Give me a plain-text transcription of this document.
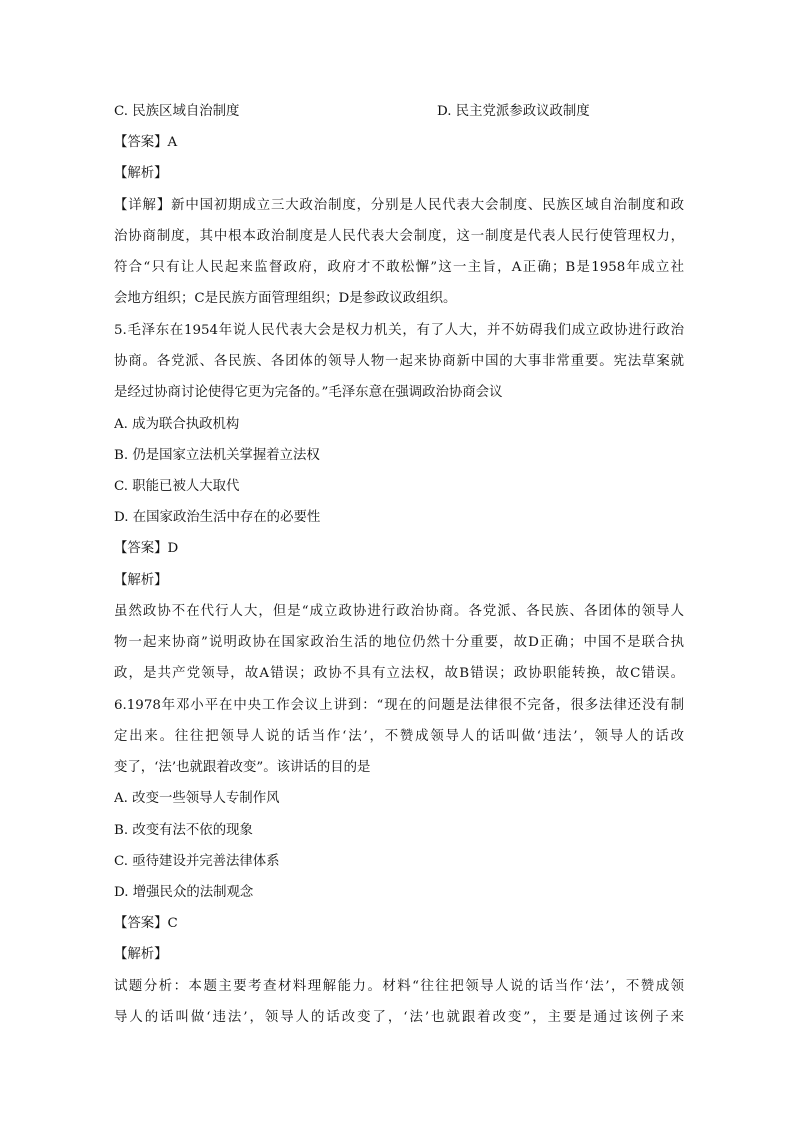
C. 民族区域自治制度	D. 民主党派参政议政制度
【答案】A
【解析】
【详解】新中国初期成立三大政治制度，分别是人民代表大会制度、民族区域自治制度和政
治协商制度，其中根本政治制度是人民代表大会制度，这一制度是代表人民行使管理权力，
符合“只有让人民起来监督政府，政府才不敢松懈”这一主旨，A正确；B是1958年成立社
会地方组织；C是民族方面管理组织；D是参政议政组织。
5.毛泽东在1954年说人民代表大会是权力机关，有了人大，并不妨碍我们成立政协进行政治
协商。各党派、各民族、各团体的领导人物一起来协商新中国的大事非常重要。宪法草案就
是经过协商讨论使得它更为完备的。”毛泽东意在强调政治协商会议
A. 成为联合执政机构
B. 仍是国家立法机关掌握着立法权
C. 职能已被人大取代
D. 在国家政治生活中存在的必要性
【答案】D
【解析】
虽然政协不在代行人大，但是“成立政协进行政治协商。各党派、各民族、各团体的领导人
物一起来协商”说明政协在国家政治生活的地位仍然十分重要，故D正确；中国不是联合执
政，是共产党领导，故A错误；政协不具有立法权，故B错误；政协职能转换，故C错误。
6.1978年邓小平在中央工作会议上讲到：“现在的问题是法律很不完备，很多法律还没有制
定出来。往往把领导人说的话当作‘法’，不赞成领导人的话叫做‘违法’，领导人的话改
变了，‘法’也就跟着改变”。该讲话的目的是
A. 改变一些领导人专制作风
B. 改变有法不依的现象
C. 亟待建设并完善法律体系
D. 增强民众的法制观念
【答案】C
【解析】
试题分析：本题主要考查材料理解能力。材料“往往把领导人说的话当作‘法’，不赞成领
导人的话叫做‘违法’，领导人的话改变了，‘法’也就跟着改变”，主要是通过该例子来
